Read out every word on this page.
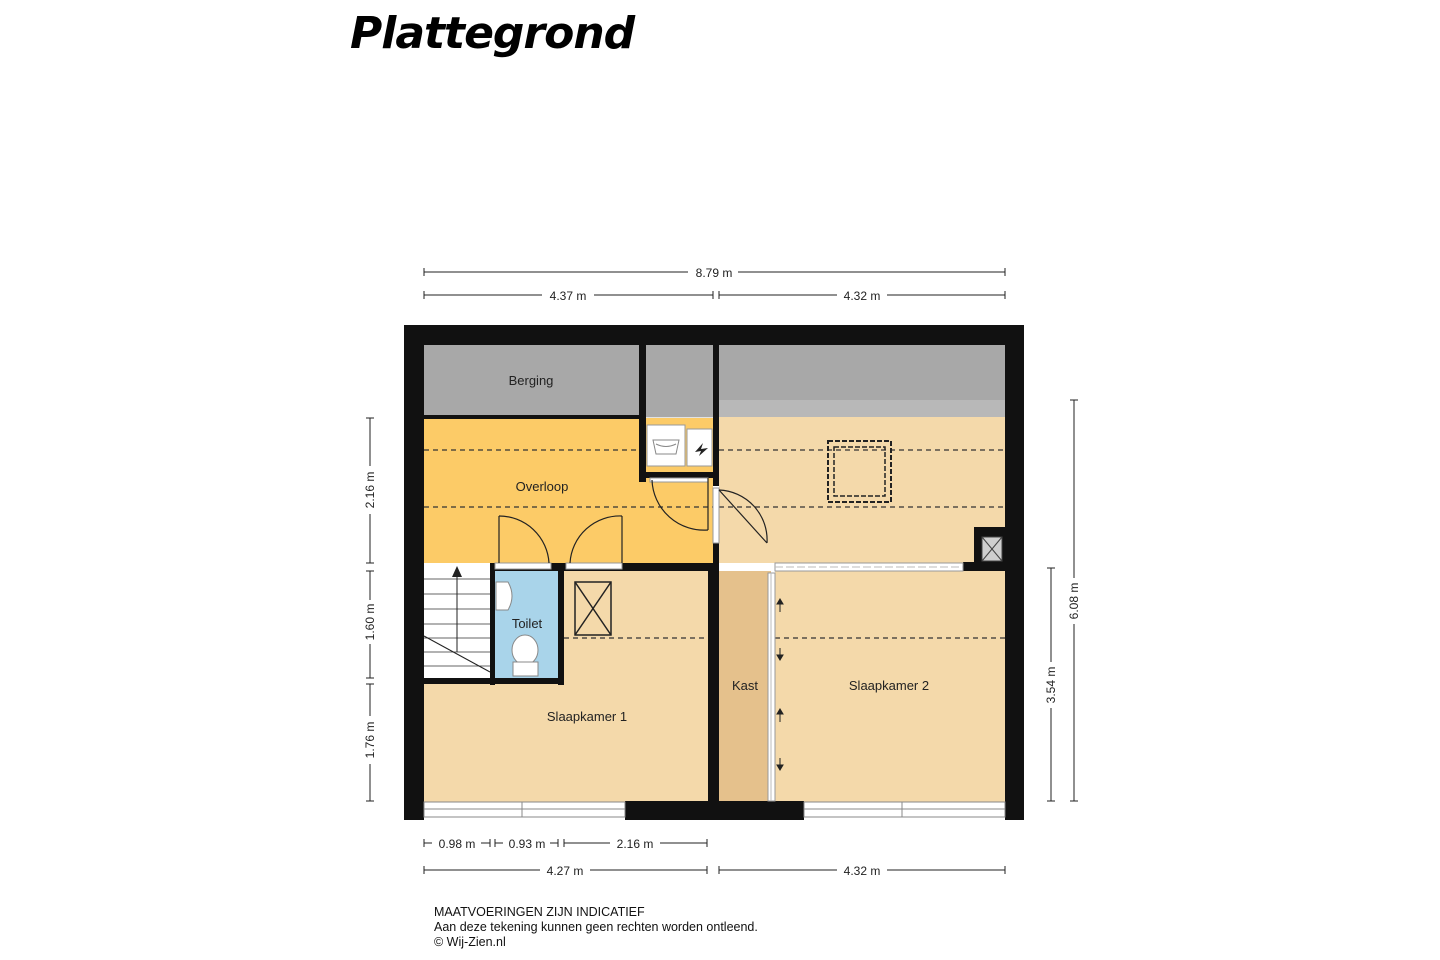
Plattegrond
Berging
Overloop
Toilet
Slaapkamer 1
Kast	Slaapkamer 2
8.79 m
4.37 m	4.32 m
2.16 m
1.60 m
1.76 m
6.08 m
3.54 m
0.98 m	0.93 m	2.16 m
4.27 m	4.32 m
MAATVOERINGEN ZIJN INDICATIEF
Aan deze tekening kunnen geen rechten worden ontleend.
© Wij-Zien.nl
